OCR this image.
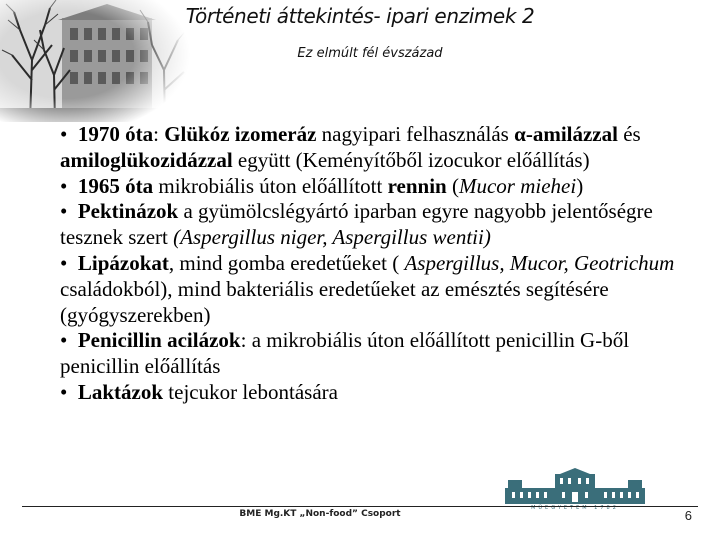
Történeti áttekintés- ipari enzimek 2
Ez elmúlt fél évszázad

• 1970 óta: Glükóz izomeráz nagyipari felhasználás α-amilázzal és amiloglükozidázzal együtt (Keményítőből izocukor előállítás)

• 1965 óta mikrobiális úton előállított rennin (Mucor miehei)

• Pektinázok a gyümölcslégyártó iparban egyre nagyobb jelentőségre tesznek szert (Aspergillus niger, Aspergillus wentii)

• Lipázokat, mind gomba eredetűeket ( Aspergillus, Mucor, Geotrichum családokból), mind bakteriális eredetűeket az emésztés segítésére (gyógyszerekben)

• Penicillin acilázok: a mikrobiális úton előállított penicillin G-ből penicillin előállítás

• Laktázok tejcukor lebontására

MŰEGYETEM 1782
BME Mg.KT „Non-food” Csoport	6
